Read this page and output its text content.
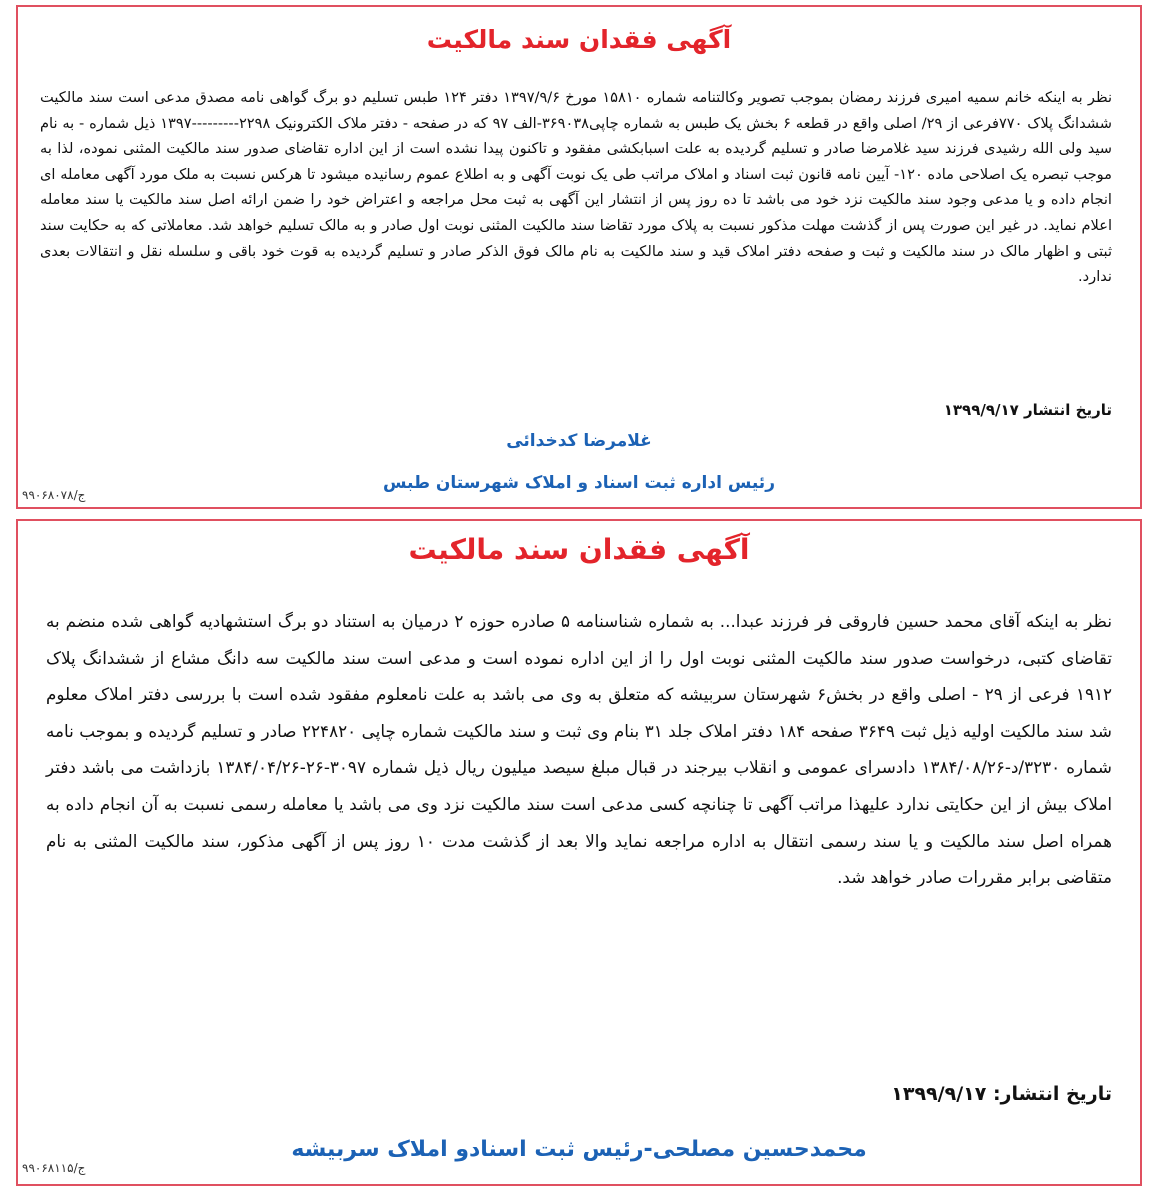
آگهی فقدان سند مالکیت

نظر به اینکه خانم سمیه امیری فرزند رمضان بموجب تصویر وکالتنامه شماره ۱۵۸۱۰ مورخ ۱۳۹۷/۹/۶ دفتر ۱۲۴ طبس تسلیم دو برگ گواهی نامه مصدق مدعی است سند مالکیت ششدانگ پلاک ۷۷۰فرعی از ۲۹/ اصلی واقع در قطعه ۶ بخش یک طبس به شماره چاپی۳۶۹۰۳۸-الف ۹۷ که در صفحه - دفتر ملاک الکترونیک ۲۲۹۸---------۱۳۹۷ ذیل شماره - به نام سید ولی الله رشیدی فرزند سید غلامرضا صادر و تسلیم گردیده به علت اسبابکشی مفقود و تاکنون پیدا نشده است از این اداره تقاضای صدور سند مالکیت المثنی نموده، لذا به موجب تبصره یک اصلاحی ماده ۱۲۰- آیین نامه قانون ثبت اسناد و املاک مراتب طی یک نوبت آگهی و به اطلاع عموم رسانیده میشود تا هرکس نسبت به ملک مورد آگهی معامله ای انجام داده و یا مدعی وجود سند مالکیت نزد خود می باشد تا ده روز پس از انتشار این آگهی به ثبت محل مراجعه و اعتراض خود را ضمن ارائه اصل سند مالکیت یا سند معامله اعلام نماید. در غیر این صورت پس از گذشت مهلت مذکور نسبت به پلاک مورد تقاضا سند مالکیت المثنی نوبت اول صادر و به مالک تسلیم خواهد شد. معاملاتی که به حکایت سند ثبتی و اظهار مالک در سند مالکیت و ثبت و صفحه دفتر املاک قید و سند مالکیت به نام مالک فوق الذکر صادر و تسلیم گردیده به قوت خود باقی و سلسله نقل و انتقالات بعدی ندارد.

تاریخ انتشار ۱۳۹۹/۹/۱۷
غلامرضا کدخدائی
رئیس اداره ثبت اسناد و املاک شهرستان طبس
ج/۹۹۰۶۸۰۷۸
آگهی فقدان سند مالکیت

نظر به اینکه آقای محمد حسین فاروقی فر فرزند عبدا... به شماره شناسنامه ۵ صادره حوزه ۲ درمیان به استناد دو برگ استشهادیه گواهی شده منضم به تقاضای کتبی، درخواست صدور سند مالکیت المثنی نوبت اول را از این اداره نموده است و مدعی است سند مالکیت سه دانگ مشاع از ششدانگ پلاک ۱۹۱۲ فرعی از ۲۹ - اصلی واقع در بخش۶ شهرستان سربیشه که متعلق به وی می باشد به علت نامعلوم مفقود شده است با بررسی دفتر املاک معلوم شد سند مالکیت اولیه ذیل ثبت ۳۶۴۹ صفحه ۱۸۴ دفتر املاک جلد ۳۱ بنام وی ثبت و سند مالکیت شماره چاپی ۲۲۴۸۲۰ صادر و تسلیم گردیده و بموجب نامه شماره ۳۲۳۰/د-۱۳۸۴/۰۸/۲۶ دادسرای عمومی و انقلاب بیرجند در قبال مبلغ سیصد میلیون ریال ذیل شماره ۳۰۹۷-۲۶-۱۳۸۴/۰۴/۲۶ بازداشت می باشد دفتر املاک بیش از این حکایتی ندارد علیهذا مراتب آگهی تا چنانچه کسی مدعی است سند مالکیت نزد وی می باشد یا معامله رسمی نسبت به آن انجام داده به همراه اصل سند مالکیت و یا سند رسمی انتقال به اداره مراجعه نماید والا بعد از گذشت مدت ۱۰ روز پس از آگهی مذکور، سند مالکیت المثنی به نام متقاضی برابر مقررات صادر خواهد شد.

تاریخ انتشار: ۱۳۹۹/۹/۱۷
محمدحسین مصلحی-رئیس ثبت اسنادو املاک سربیشه
ج/۹۹۰۶۸۱۱۵
